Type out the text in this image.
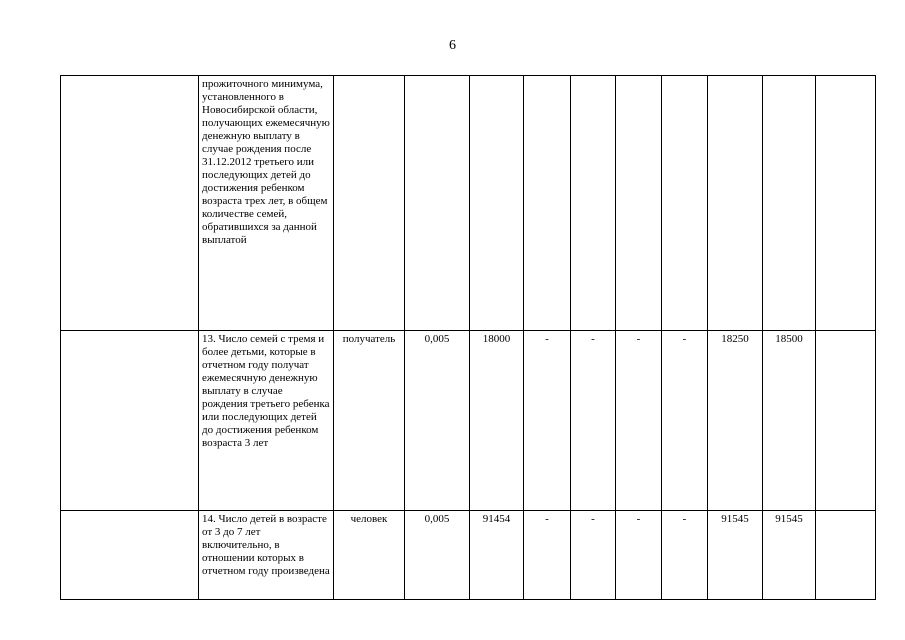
6
	прожиточного минимума, установленного в Новосибирской области, получающих ежемесячную денежную выплату в случае рождения после 31.12.2012 третьего или последующих детей до достижения ребенком возраста трех лет, в общем количестве семей, обратившихся за данной выплатой										
	13. Число семей с тремя и более детьми, которые в отчетном году получат ежемесячную денежную выплату в случае рождения третьего ребенка или последующих детей до достижения ребенком возраста 3 лет	получатель	0,005	18000	-	-	-	-	18250	18500	
	14. Число детей в возрасте от 3 до 7 лет включительно, в отношении которых в отчетном году произведена	человек	0,005	91454	-	-	-	-	91545	91545	
